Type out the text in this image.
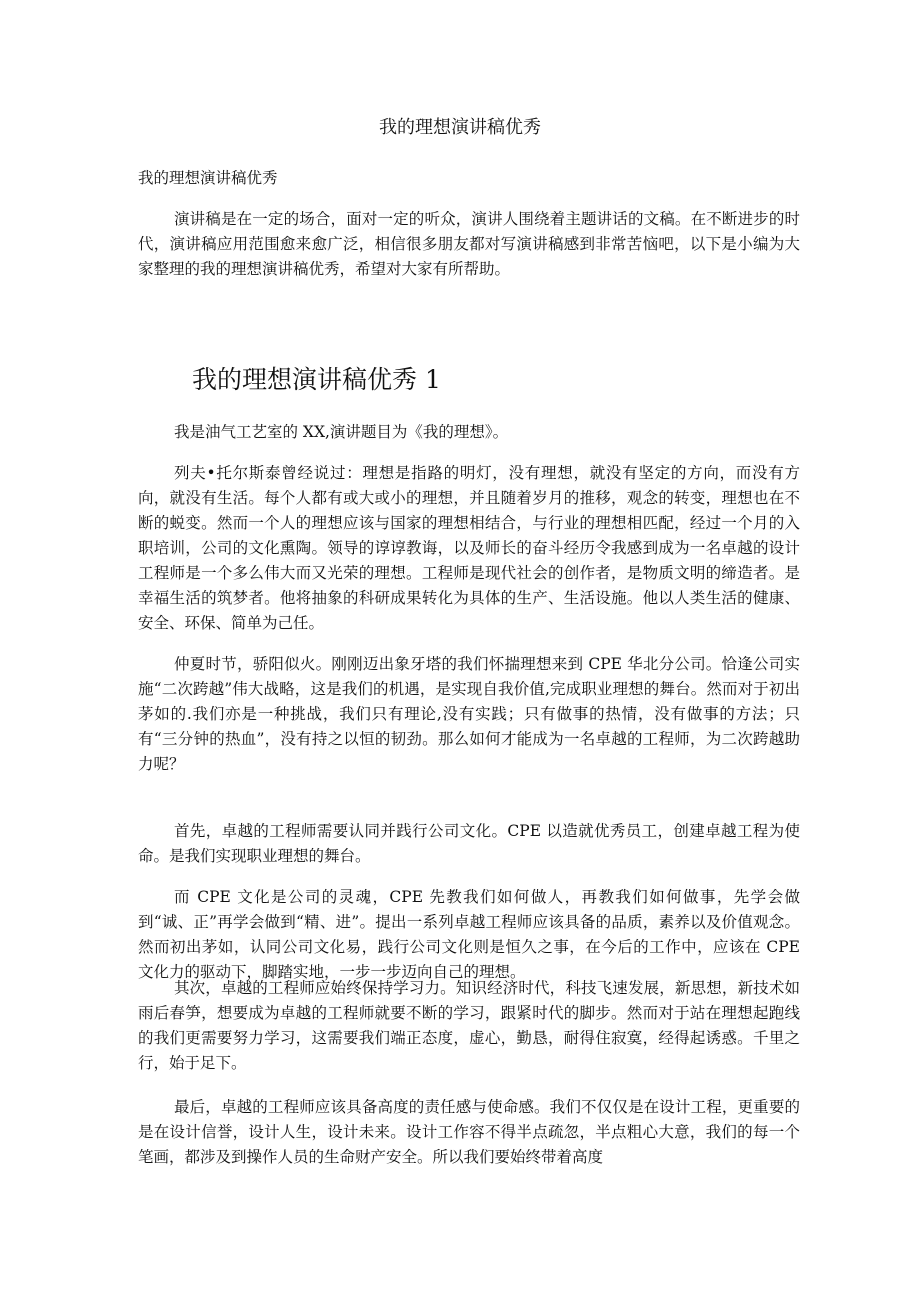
我的理想演讲稿优秀

我的理想演讲稿优秀

演讲稿是在一定的场合，面对一定的听众，演讲人围绕着主题讲话的文稿。在不断进步的时代，演讲稿应用范围愈来愈广泛，相信很多朋友都对写演讲稿感到非常苦恼吧，以下是小编为大家整理的我的理想演讲稿优秀，希望对大家有所帮助。

我的理想演讲稿优秀 1

我是油气工艺室的 XX,演讲题目为《我的理想》。

列夫•托尔斯泰曾经说过：理想是指路的明灯，没有理想，就没有坚定的方向，而没有方向，就没有生活。每个人都有或大或小的理想，并且随着岁月的推移，观念的转变，理想也在不断的蜕变。然而一个人的理想应该与国家的理想相结合，与行业的理想相匹配，经过一个月的入职培训，公司的文化熏陶。领导的谆谆教诲，以及师长的奋斗经历令我感到成为一名卓越的设计工程师是一个多么伟大而又光荣的理想。工程师是现代社会的创作者，是物质文明的缔造者。是幸福生活的筑梦者。他将抽象的科研成果转化为具体的生产、生活设施。他以人类生活的健康、安全、环保、简单为己任。

仲夏时节，骄阳似火。刚刚迈出象牙塔的我们怀揣理想来到 CPE 华北分公司。恰逢公司实施“二次跨越”伟大战略，这是我们的机遇，是实现自我价值,完成职业理想的舞台。然而对于初出茅如的.我们亦是一种挑战，我们只有理论,没有实践；只有做事的热情，没有做事的方法；只有“三分钟的热血”，没有持之以恒的韧劲。那么如何才能成为一名卓越的工程师，为二次跨越助力呢？

首先，卓越的工程师需要认同并践行公司文化。CPE 以造就优秀员工，创建卓越工程为使命。是我们实现职业理想的舞台。

而 CPE 文化是公司的灵魂，CPE 先教我们如何做人，再教我们如何做事，先学会做到“诚、正”再学会做到“精、进”。提出一系列卓越工程师应该具备的品质，素养以及价值观念。然而初出茅如，认同公司文化易，践行公司文化则是恒久之事，在今后的工作中，应该在 CPE 文化力的驱动下，脚踏实地，一步一步迈向自己的理想。

其次，卓越的工程师应始终保持学习力。知识经济时代，科技飞速发展，新思想，新技术如雨后春笋，想要成为卓越的工程师就要不断的学习，跟紧时代的脚步。然而对于站在理想起跑线的我们更需要努力学习，这需要我们端正态度，虚心，勤恳，耐得住寂寞，经得起诱惑。千里之行，始于足下。

最后，卓越的工程师应该具备高度的责任感与使命感。我们不仅仅是在设计工程，更重要的是在设计信誉，设计人生，设计未来。设计工作容不得半点疏忽，半点粗心大意，我们的每一个笔画，都涉及到操作人员的生命财产安全。所以我们要始终带着高度
